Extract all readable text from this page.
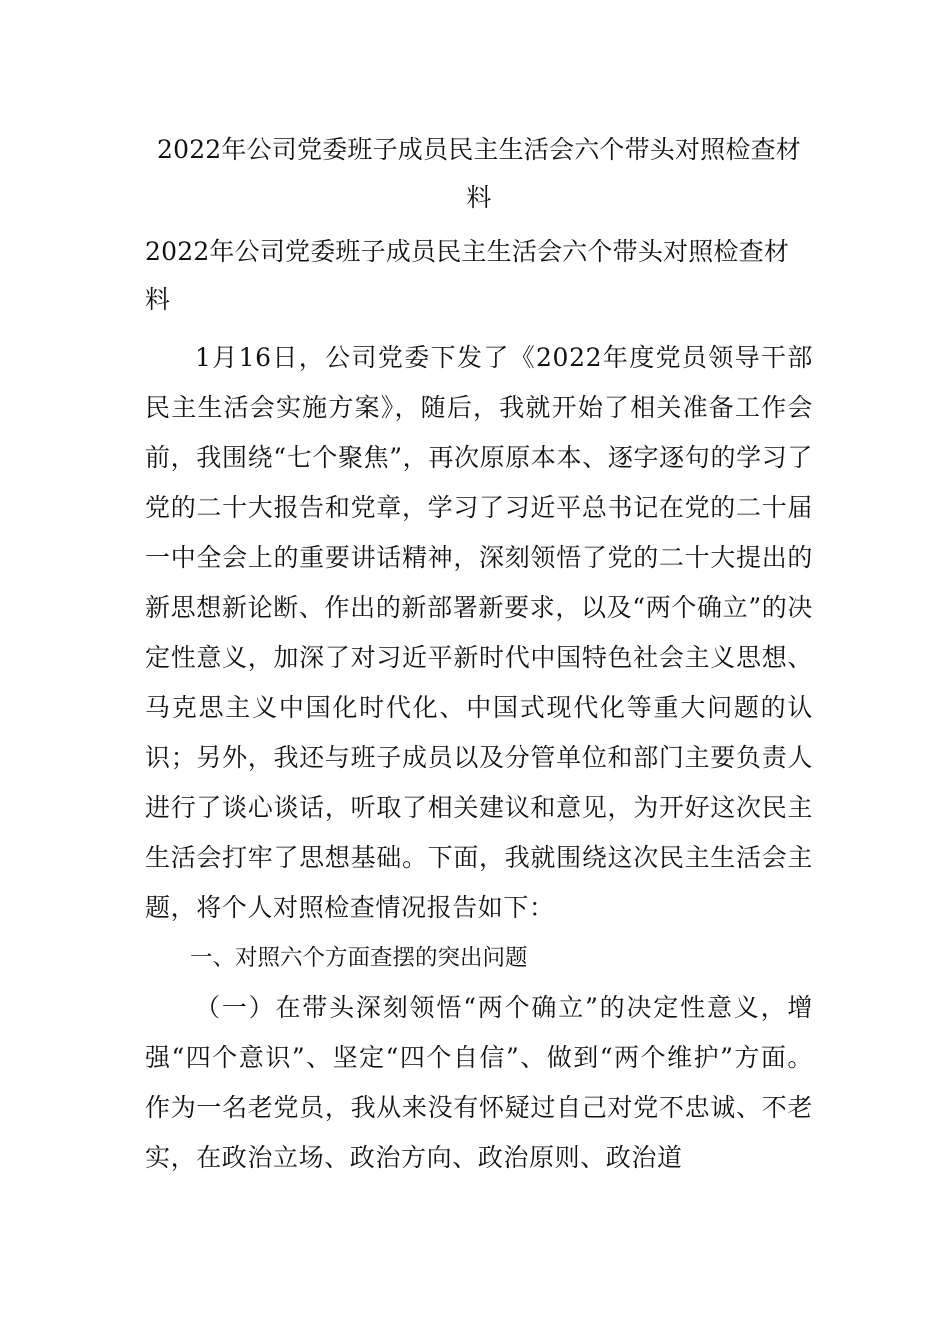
2022年公司党委班子成员民主生活会六个带头对照检查材料
2022年公司党委班子成员民主生活会六个带头对照检查材料

1月16日，公司党委下发了《2022年度党员领导干部民主生活会实施方案》，随后，我就开始了相关准备工作会前，我围绕“七个聚焦”，再次原原本本、逐字逐句的学习了党的二十大报告和党章，学习了习近平总书记在党的二十届一中全会上的重要讲话精神，深刻领悟了党的二十大提出的新思想新论断、作出的新部署新要求，以及“两个确立”的决定性意义，加深了对习近平新时代中国特色社会主义思想、马克思主义中国化时代化、中国式现代化等重大问题的认识；另外，我还与班子成员以及分管单位和部门主要负责人进行了谈心谈话，听取了相关建议和意见，为开好这次民主生活会打牢了思想基础。下面，我就围绕这次民主生活会主题，将个人对照检查情况报告如下：

一、对照六个方面查摆的突出问题

（一）在带头深刻领悟“两个确立”的决定性意义，增强“四个意识”、坚定“四个自信”、做到“两个维护”方面。作为一名老党员，我从来没有怀疑过自己对党不忠诚、不老实，在政治立场、政治方向、政治原则、政治道
